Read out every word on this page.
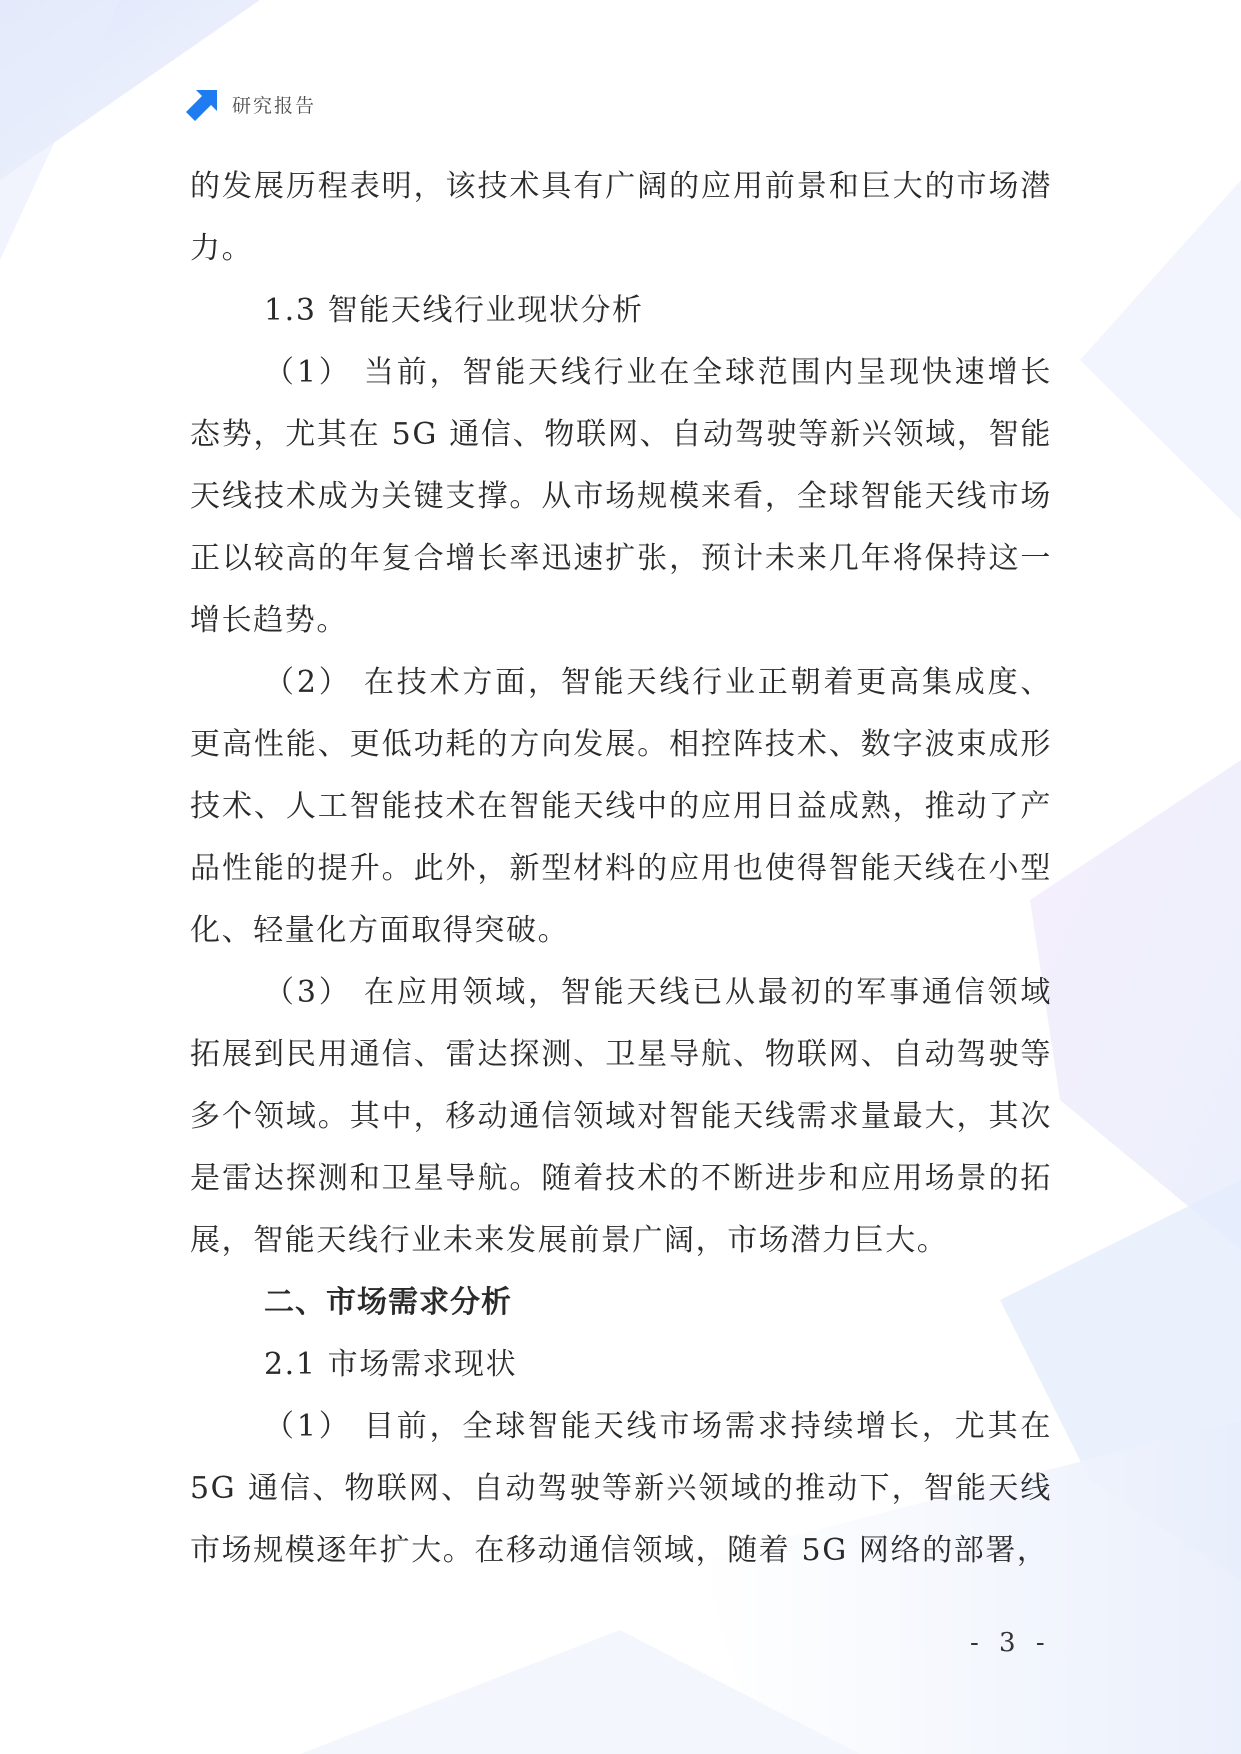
研究报告

的发展历程表明，该技术具有广阔的应用前景和巨大的市场潜力。

1.3 智能天线行业现状分析

（1） 当前，智能天线行业在全球范围内呈现快速增长态势，尤其在 5G 通信、物联网、自动驾驶等新兴领域，智能天线技术成为关键支撑。从市场规模来看，全球智能天线市场正以较高的年复合增长率迅速扩张，预计未来几年将保持这一增长趋势。

（2） 在技术方面，智能天线行业正朝着更高集成度、更高性能、更低功耗的方向发展。相控阵技术、数字波束成形技术、人工智能技术在智能天线中的应用日益成熟，推动了产品性能的提升。此外，新型材料的应用也使得智能天线在小型化、轻量化方面取得突破。

（3） 在应用领域，智能天线已从最初的军事通信领域拓展到民用通信、雷达探测、卫星导航、物联网、自动驾驶等多个领域。其中，移动通信领域对智能天线需求量最大，其次是雷达探测和卫星导航。随着技术的不断进步和应用场景的拓展，智能天线行业未来发展前景广阔，市场潜力巨大。

二、市场需求分析

2.1 市场需求现状

（1） 目前，全球智能天线市场需求持续增长，尤其在 5G 通信、物联网、自动驾驶等新兴领域的推动下，智能天线市场规模逐年扩大。在移动通信领域，随着 5G 网络的部署，

- 3 -
